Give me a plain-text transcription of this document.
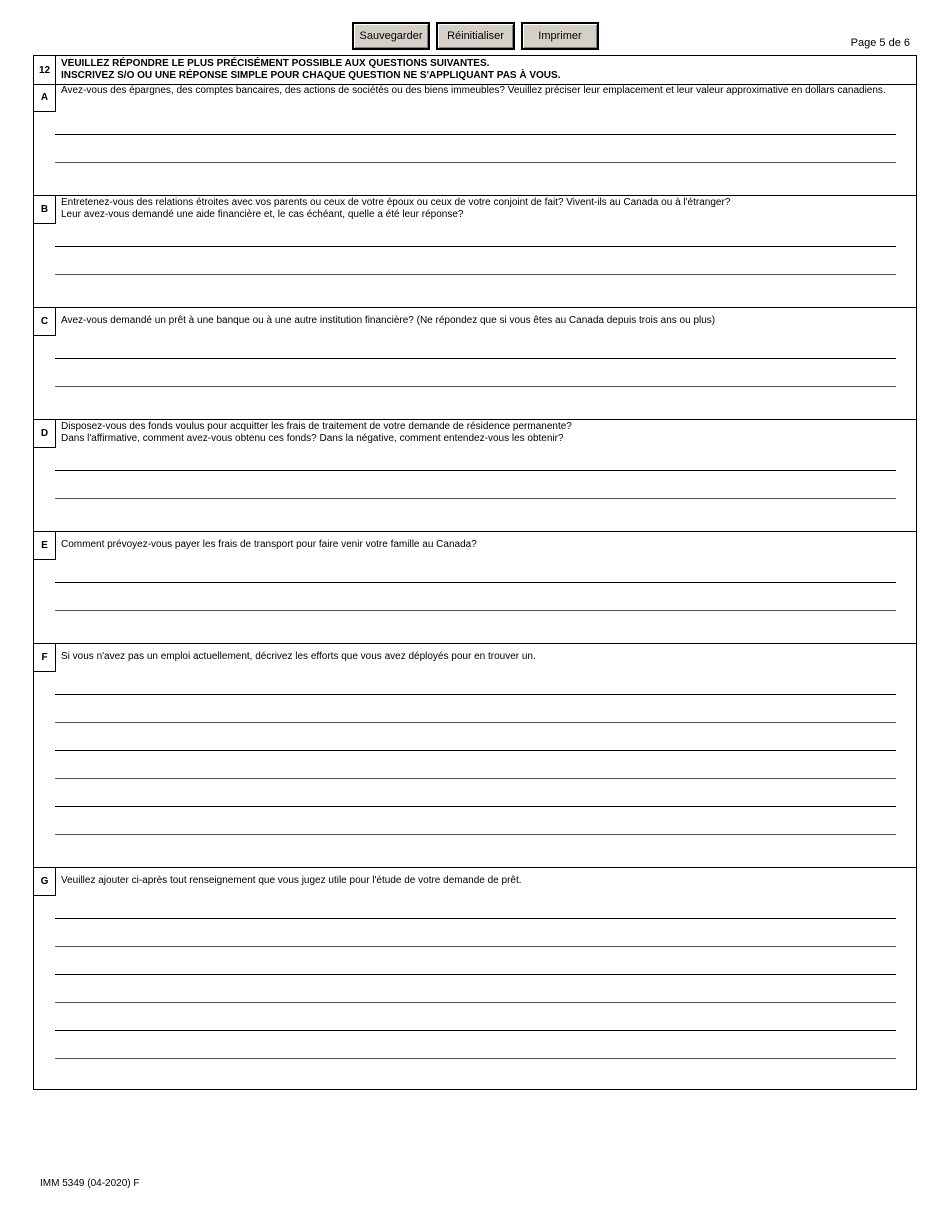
Sauvegarder	Réinitialiser	Imprimer
Page 5 de 6
12
VEUILLEZ RÉPONDRE LE PLUS PRÉCISÉMENT POSSIBLE AUX QUESTIONS SUIVANTES.
INSCRIVEZ S/O OU UNE RÉPONSE SIMPLE POUR CHAQUE QUESTION NE S'APPLIQUANT PAS À VOUS.
A
Avez-vous des épargnes, des comptes bancaires, des actions de sociétés ou des biens immeubles? Veuillez préciser leur emplacement et leur valeur approximative en dollars canadiens.
B
Entretenez-vous des relations étroites avec vos parents ou ceux de votre époux ou ceux de votre conjoint de fait? Vivent-ils au Canada ou à l'étranger?
Leur avez-vous demandé une aide financière et, le cas échéant, quelle a été leur réponse?
C	Avez-vous demandé un prêt à une banque ou à une autre institution financière? (Ne répondez que si vous êtes au Canada depuis trois ans ou plus)
D
Disposez-vous des fonds voulus pour acquitter les frais de traitement de votre demande de résidence permanente?
Dans l'affirmative, comment avez-vous obtenu ces fonds? Dans la négative, comment entendez-vous les obtenir?
E	Comment prévoyez-vous payer les frais de transport pour faire venir votre famille au Canada?
F	Si vous n'avez pas un emploi actuellement, décrivez les efforts que vous avez déployés pour en trouver un.
G	Veuillez ajouter ci-après tout renseignement que vous jugez utile pour l'étude de votre demande de prêt.
IMM 5349 (04-2020) F
